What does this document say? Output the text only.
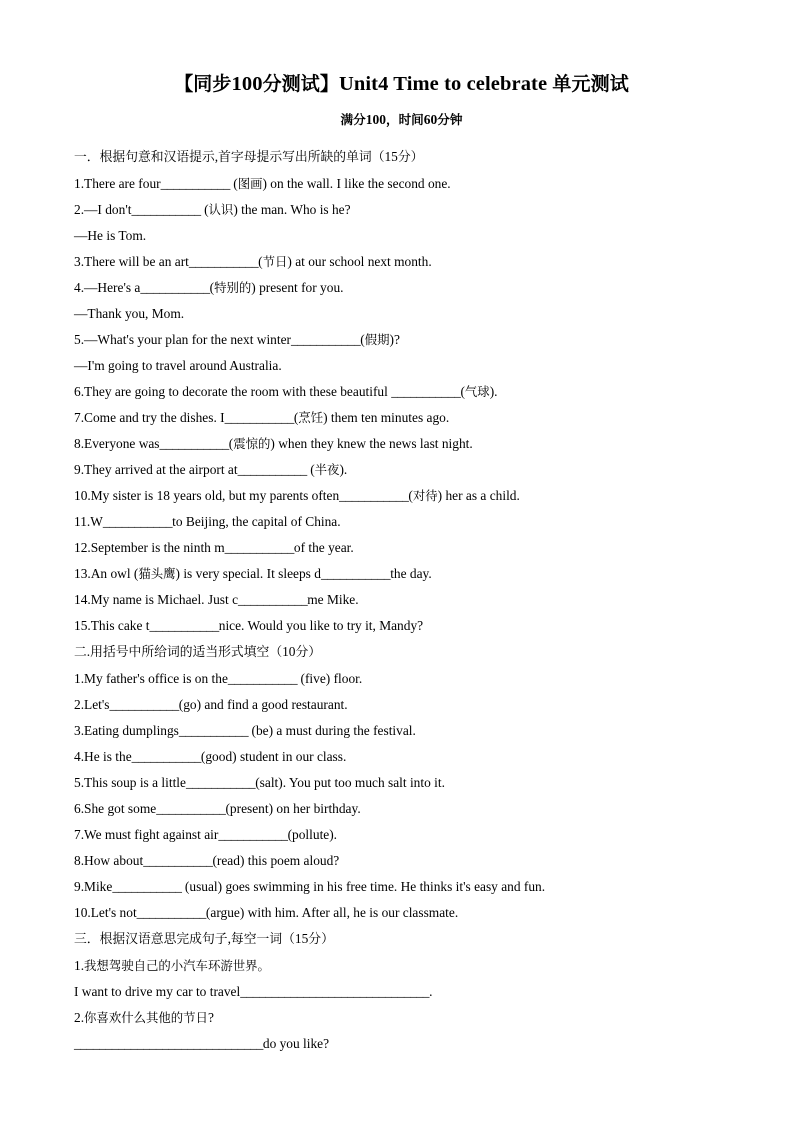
【同步100分测试】Unit4 Time to celebrate 单元测试
满分100，时间60分钟
一．根据句意和汉语提示,首字母提示写出所缺的单词（15分）
1.There are four___________ (图画) on the wall. I like the second one.
2.—I don't___________ (认识) the man. Who is he?
—He is Tom.
3.There will be an art___________(节日) at our school next month.
4.—Here's a___________(特别的) present for you.
—Thank you, Mom.
5.—What's your plan for the next winter___________(假期)?
—I'm going to travel around Australia.
6.They are going to decorate the room with these beautiful ___________(气球).
7.Come and try the dishes. I___________(烹饪) them ten minutes ago.
8.Everyone was___________(震惊的) when they knew the news last night.
9.They arrived at the airport at___________ (半夜).
10.My sister is 18 years old, but my parents often___________(对待) her as a child.
11.W___________to Beijing, the capital of China.
12.September is the ninth m___________of the year.
13.An owl (猫头鹰) is very special. It sleeps d___________the day.
14.My name is Michael. Just c___________me Mike.
15.This cake t___________nice. Would you like to try it, Mandy?
二.用括号中所给词的适当形式填空（10分）
1.My father's office is on the___________ (five) floor.
2.Let's___________(go) and find a good restaurant.
3.Eating dumplings___________ (be) a must during the festival.
4.He is the___________(good) student in our class.
5.This soup is a little___________(salt). You put too much salt into it.
6.She got some___________(present) on her birthday.
7.We must fight against air___________(pollute).
8.How about___________(read) this poem aloud?
9.Mike___________ (usual) goes swimming in his free time. He thinks it's easy and fun.
10.Let's not___________(argue) with him. After all, he is our classmate.
三．根据汉语意思完成句子,每空一词（15分）
1.我想驾驶自己的小汽车环游世界。
I want to drive my car to travel______________________________.
2.你喜欢什么其他的节日?
______________________________do you like?
